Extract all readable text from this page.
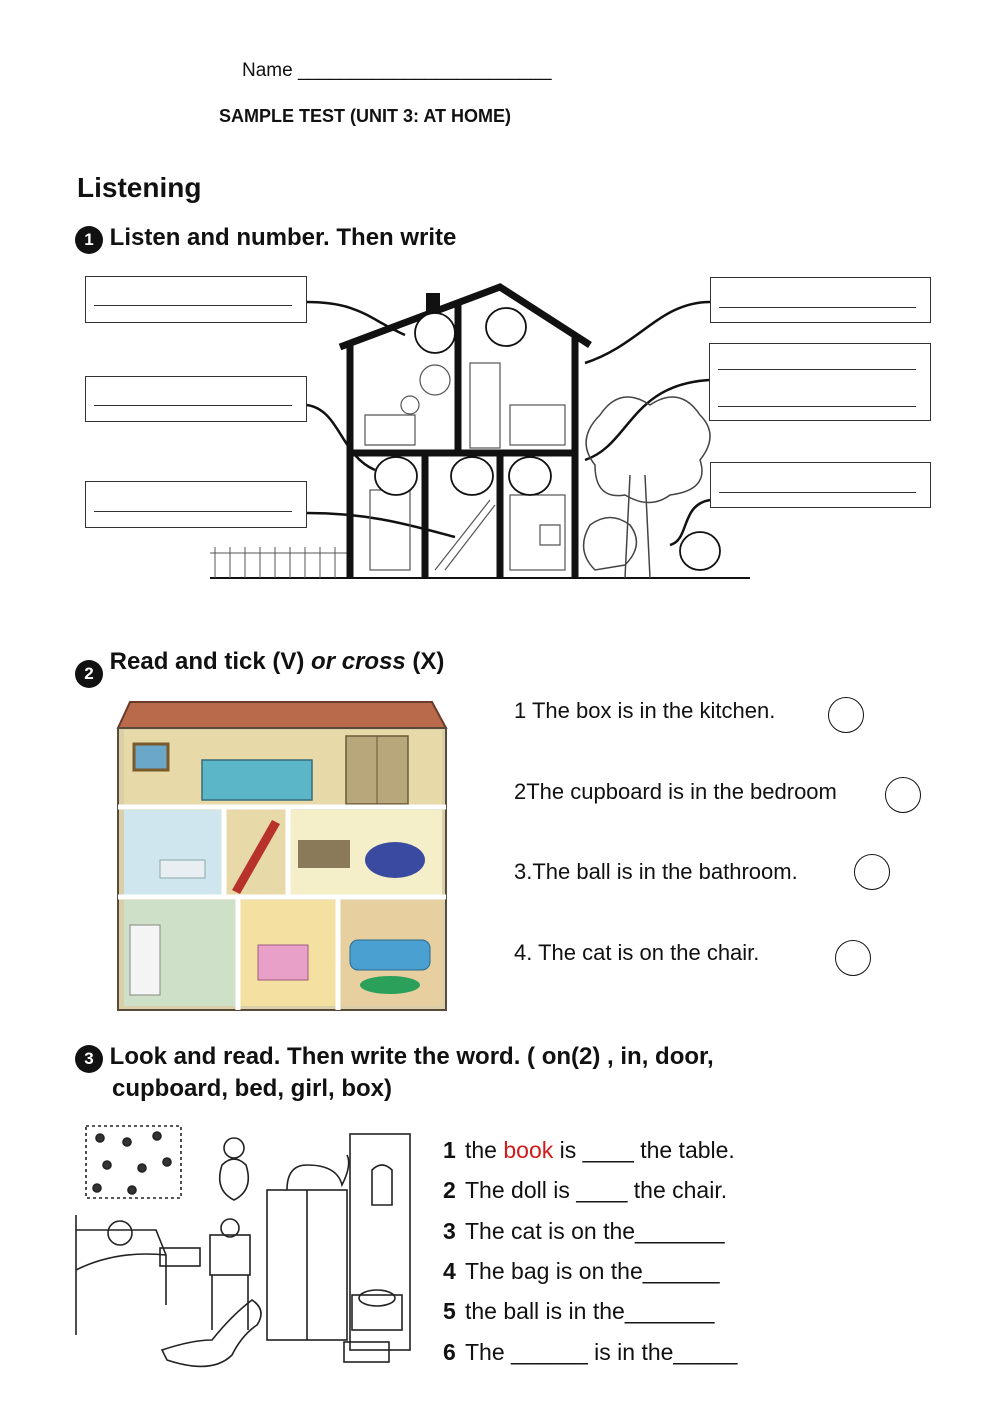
Name ________________________
SAMPLE TEST (UNIT 3: AT HOME)
Listening
1 Listen and number. Then write
2 Read and tick (V) or cross (X)
1 The box is in the kitchen.
2The cupboard is in the bedroom
3.The ball is in the bathroom.
4. The cat is on the chair.
3 Look and read. Then write the word. ( on(2) , in, door,
cupboard, bed, girl, box)
1 the book is ____ the table.
2 The doll is ____ the chair.
3 The cat is on the_______
4 The bag is on the______
5 the ball is in the_______
6 The ______ is in the_____
